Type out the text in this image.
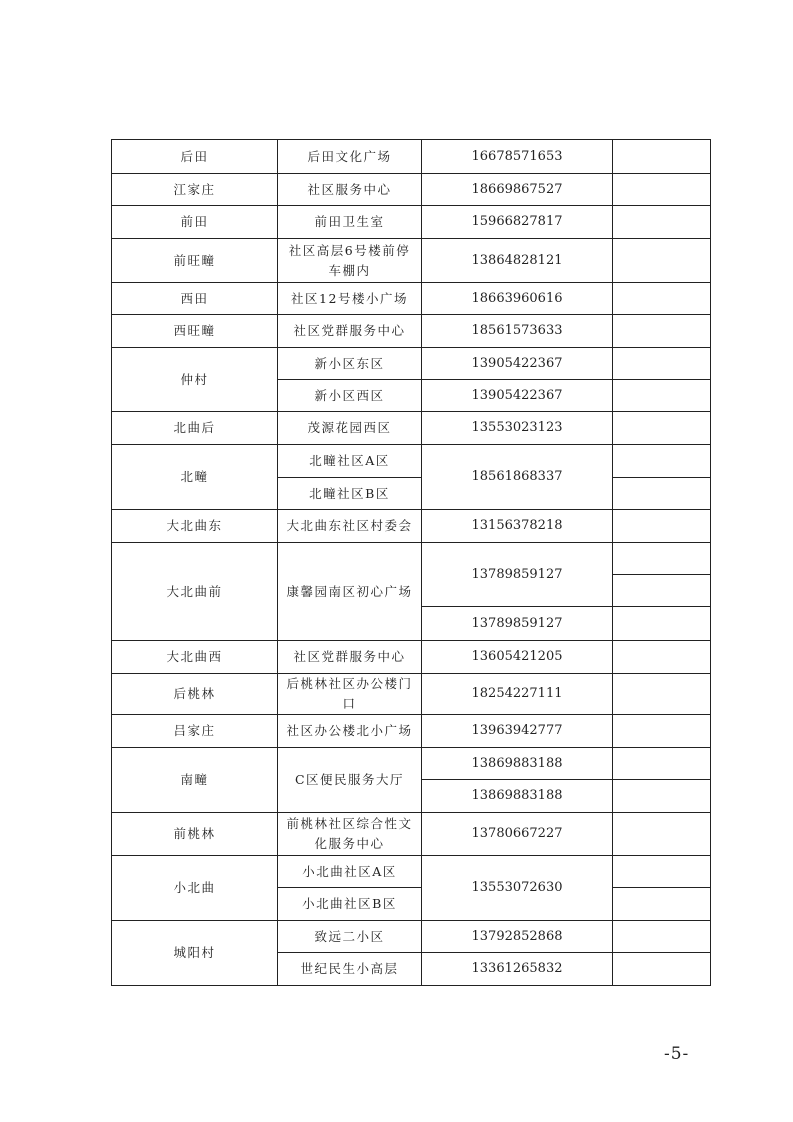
后田	后田文化广场	16678571653	
江家庄	社区服务中心	18669867527	
前田	前田卫生室	15966827817	
前旺疃	社区高层6号楼前停车棚内	13864828121	
西田	社区12号楼小广场	18663960616	
西旺疃	社区党群服务中心	18561573633	
仲村	新小区东区	13905422367	
	新小区西区	13905422367	
北曲后	茂源花园西区	13553023123	
北疃	北疃社区A区	18561868337	
	北疃社区B区		
大北曲东	大北曲东社区村委会	13156378218	
大北曲前	康馨园南区初心广场	13789859127	

		13789859127	
大北曲西	社区党群服务中心	13605421205	
后桃林	后桃林社区办公楼门口	18254227111	
吕家庄	社区办公楼北小广场	13963942777	
南疃	C区便民服务大厅	13869883188	
		13869883188	
前桃林	前桃林社区综合性文化服务中心	13780667227	
小北曲	小北曲社区A区	13553072630	
	小北曲社区B区		
城阳村	致远二小区	13792852868	
	世纪民生小高层	13361265832	
-5-
